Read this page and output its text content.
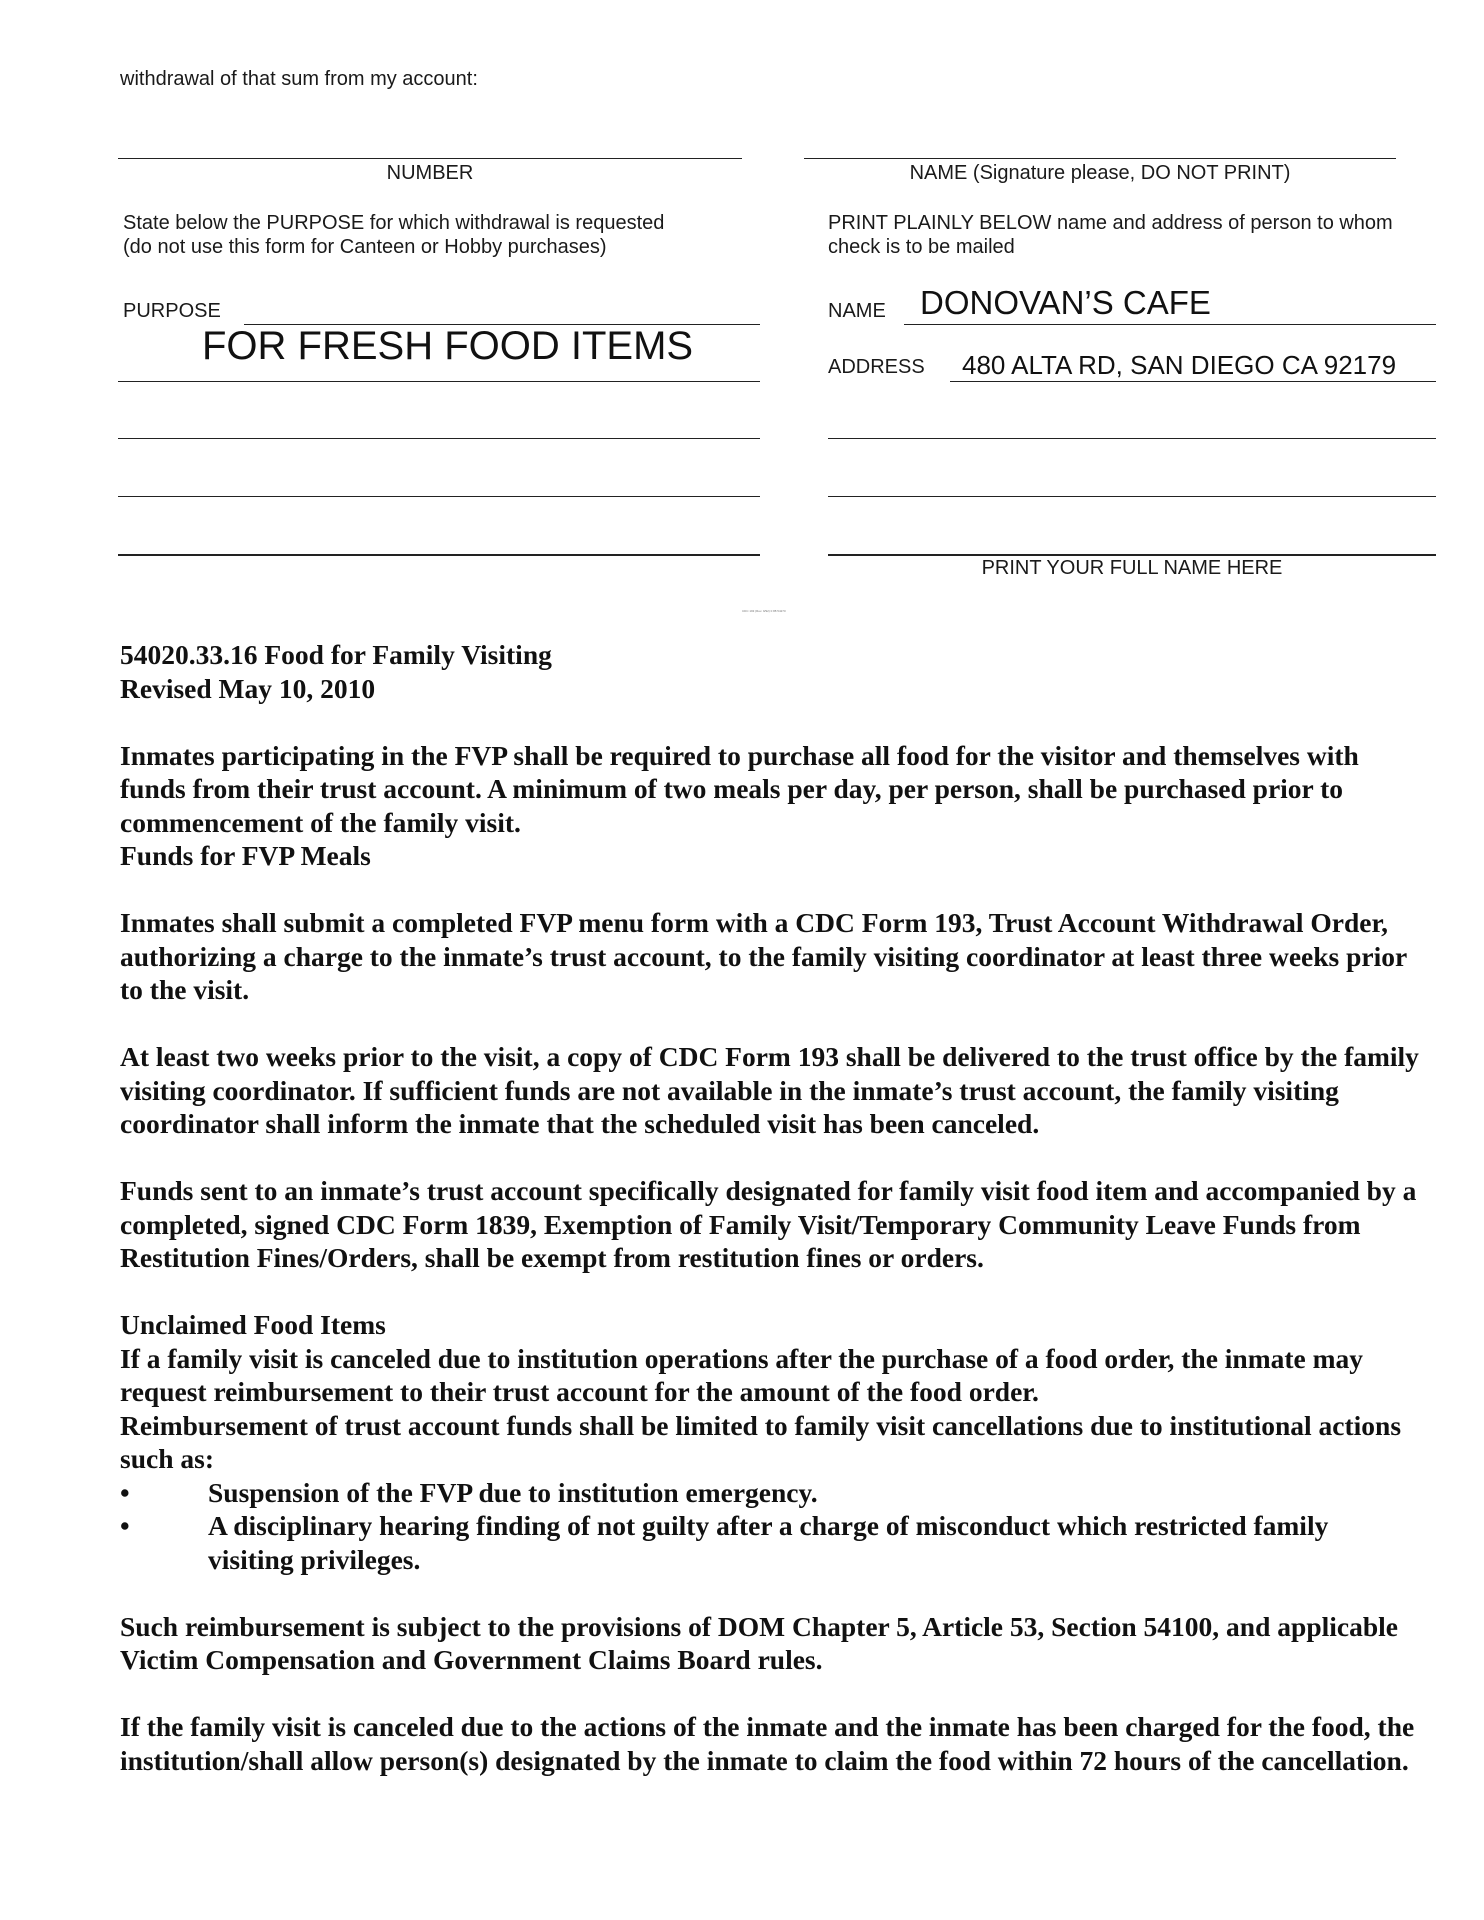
withdrawal of that sum from my account:
NUMBER	NAME (Signature please, DO NOT PRINT)
State below the PURPOSE for which withdrawal is requested
(do not use this form for Canteen or Hobby purchases)
PRINT PLAINLY BELOW name and address of person to whom
check is to be mailed
PURPOSE
FOR FRESH FOOD ITEMS
NAME DONOVAN’S CAFE
ADDRESS 480 ALTA RD, SAN DIEGO CA 92179
PRINT YOUR FULL NAME HERE
CDC 193 (Rev. 9/92) 0 88 54270

54020.33.16 Food for Family Visiting

Revised May 10, 2010

Inmates participating in the FVP shall be required to purchase all food for the visitor and themselves with funds from their trust account. A minimum of two meals per day, per person, shall be purchased prior to commencement of the family visit.

Funds for FVP Meals

Inmates shall submit a completed FVP menu form with a CDC Form 193, Trust Account Withdrawal Order, authorizing a charge to the inmate’s trust account, to the family visiting coordinator at least three weeks prior to the visit.

At least two weeks prior to the visit, a copy of CDC Form 193 shall be delivered to the trust office by the family visiting coordinator. If sufficient funds are not available in the inmate’s trust account, the family visiting coordinator shall inform the inmate that the scheduled visit has been canceled.

Funds sent to an inmate’s trust account specifically designated for family visit food item and accompanied by a completed, signed CDC Form 1839, Exemption of Family Visit/Temporary Community Leave Funds from Restitution Fines/Orders, shall be exempt from restitution fines or orders.

Unclaimed Food Items

If a family visit is canceled due to institution operations after the purchase of a food order, the inmate may request reimbursement to their trust account for the amount of the food order.

Reimbursement of trust account funds shall be limited to family visit cancellations due to institutional actions such as:

•	Suspension of the FVP due to institution emergency.
•	A disciplinary hearing finding of not guilty after a charge of misconduct which restricted family visiting privileges.

Such reimbursement is subject to the provisions of DOM Chapter 5, Article 53, Section 54100, and applicable Victim Compensation and Government Claims Board rules.

If the family visit is canceled due to the actions of the inmate and the inmate has been charged for the food, the institution/shall allow person(s) designated by the inmate to claim the food within 72 hours of the cancellation.
